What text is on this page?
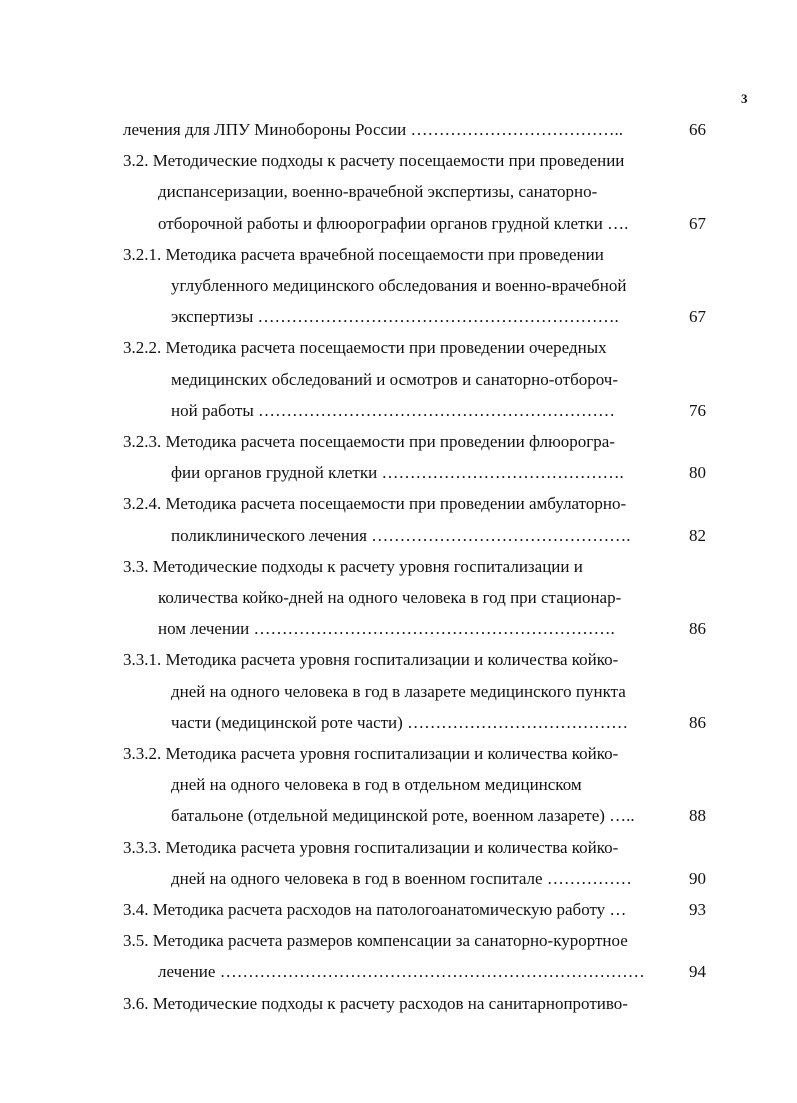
3
лечения для ЛПУ Минобороны России ………………………………..	66
3.2. Методические подходы к расчету посещаемости при проведении
диспансеризации, военно-врачебной экспертизы, санаторно-
отборочной работы и флюорографии органов грудной клетки ….	67
3.2.1. Методика расчета врачебной посещаемости при проведении
углубленного медицинского обследования и военно-врачебной
экспертизы ……………………………………………………….	67
3.2.2. Методика расчета посещаемости при проведении очередных
медицинских обследований и осмотров и санаторно-отбороч-
ной работы ………………………………………………………	76
3.2.3. Методика расчета посещаемости при проведении флюорогра-
фии органов грудной клетки …………………………………….	80
3.2.4. Методика расчета посещаемости при проведении амбулаторно-
поликлинического лечения ……………………………………….	82
3.3. Методические подходы к расчету уровня госпитализации и
количества койко-дней на одного человека в год при стационар-
ном лечении ……………………………………………………….	86
3.3.1. Методика расчета уровня госпитализации и количества койко-
дней на одного человека в год в лазарете медицинского пункта
части (медицинской роте части) …………………………………	86
3.3.2. Методика расчета уровня госпитализации и количества койко-
дней на одного человека в год в отдельном медицинском
батальоне (отдельной медицинской роте, военном лазарете) …..	88
3.3.3. Методика расчета уровня госпитализации и количества койко-
дней на одного человека в год в военном госпитале ……………	90
3.4. Методика расчета расходов на патологоанатомическую работу …	93
3.5. Методика расчета размеров компенсации за санаторно-курортное
лечение …………………………………………………………………	94
3.6. Методические подходы к расчету расходов на санитарнопротиво-
